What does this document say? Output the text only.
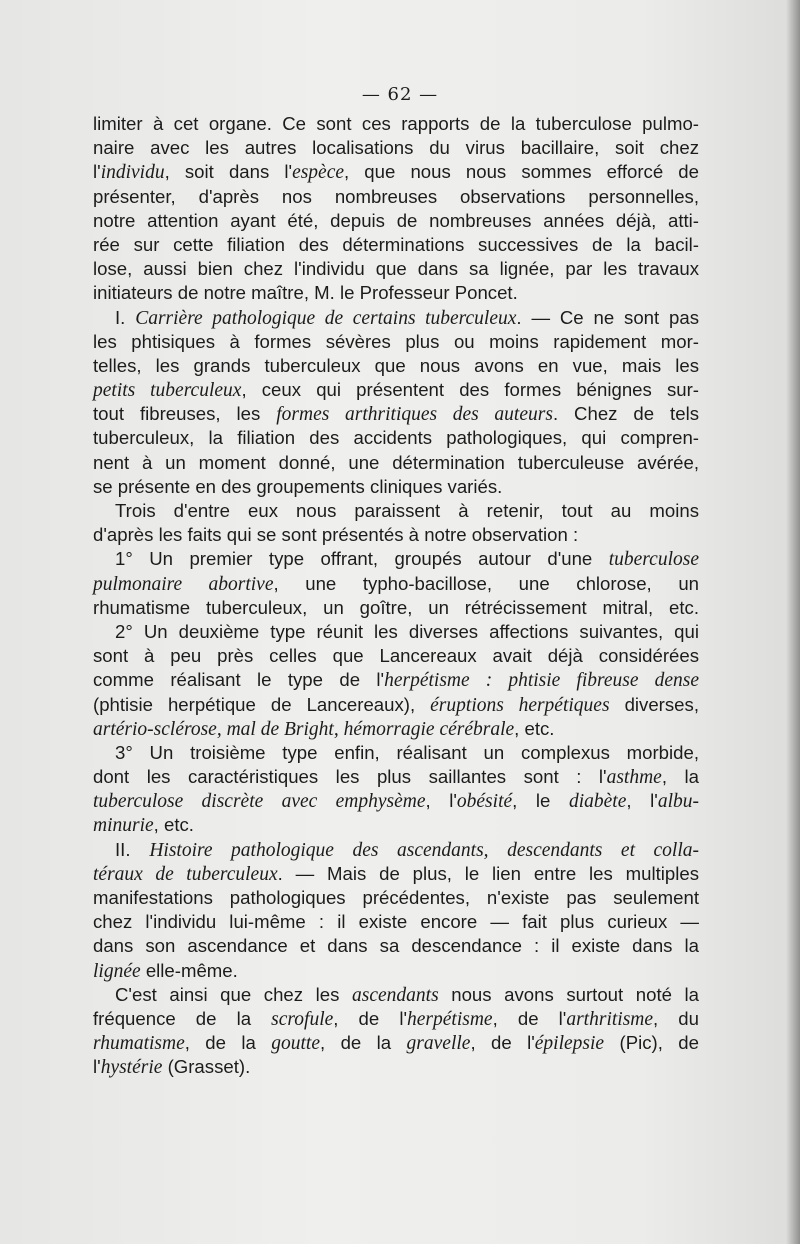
— 62 —
limiter à cet organe. Ce sont ces rapports de la tuberculose pulmo-
naire avec les autres localisations du virus bacillaire, soit chez
l'individu, soit dans l'espèce, que nous nous sommes efforcé de
présenter, d'après nos nombreuses observations personnelles,
notre attention ayant été, depuis de nombreuses années déjà, atti-
rée sur cette filiation des déterminations successives de la bacil-
lose, aussi bien chez l'individu que dans sa lignée, par les travaux
initiateurs de notre maître, M. le Professeur Poncet.
I. Carrière pathologique de certains tuberculeux. — Ce ne sont pas
les phtisiques à formes sévères plus ou moins rapidement mor-
telles, les grands tuberculeux que nous avons en vue, mais les
petits tuberculeux, ceux qui présentent des formes bénignes sur-
tout fibreuses, les formes arthritiques des auteurs. Chez de tels
tuberculeux, la filiation des accidents pathologiques, qui compren-
nent à un moment donné, une détermination tuberculeuse avérée,
se présente en des groupements cliniques variés.
Trois d'entre eux nous paraissent à retenir, tout au moins
d'après les faits qui se sont présentés à notre observation :
1° Un premier type offrant, groupés autour d'une tuberculose
pulmonaire abortive, une typho-bacillose, une chlorose, un
rhumatisme tuberculeux, un goître, un rétrécissement mitral, etc.
2° Un deuxième type réunit les diverses affections suivantes, qui
sont à peu près celles que Lancereaux avait déjà considérées
comme réalisant le type de l'herpétisme : phtisie fibreuse dense
(phtisie herpétique de Lancereaux), éruptions herpétiques diverses,
artério-sclérose, mal de Bright, hémorragie cérébrale, etc.
3° Un troisième type enfin, réalisant un complexus morbide,
dont les caractéristiques les plus saillantes sont : l'asthme, la
tuberculose discrète avec emphysème, l'obésité, le diabète, l'albu-
minurie, etc.
II. Histoire pathologique des ascendants, descendants et colla-
téraux de tuberculeux. — Mais de plus, le lien entre les multiples
manifestations pathologiques précédentes, n'existe pas seulement
chez l'individu lui-même : il existe encore — fait plus curieux —
dans son ascendance et dans sa descendance : il existe dans la
lignée elle-même.
C'est ainsi que chez les ascendants nous avons surtout noté la
fréquence de la scrofule, de l'herpétisme, de l'arthritisme, du
rhumatisme, de la goutte, de la gravelle, de l'épilepsie (Pic), de
l'hystérie (Grasset).
